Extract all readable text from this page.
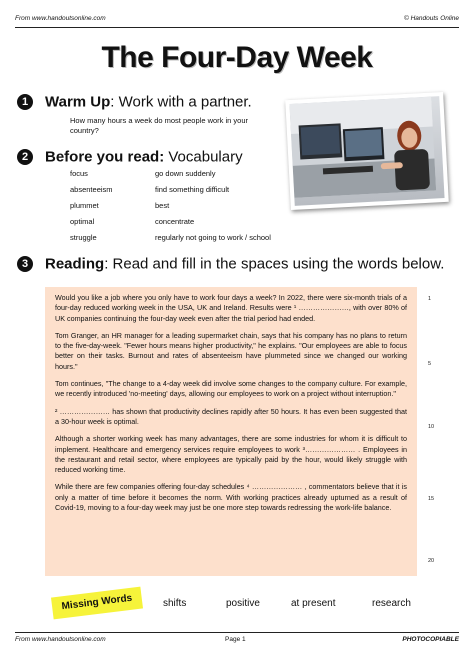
From www.handoutsonline.com	© Handouts Online
The Four-Day Week
1 Warm Up: Work with a partner.
How many hours a week do most people work in your country?
2 Before you read: Vocabulary
focus	go down suddenly
absenteeism	find something difficult
plummet	best
optimal	concentrate
struggle	regularly not going to work / school
3 Reading: Read and fill in the spaces using the words below.

Would you like a job where you only have to work four days a week? In 2022, there were six-month trials of a four-day reduced working week in the USA, UK and Ireland. Results were ¹ …………………, with over 80% of UK companies continuing the four-day week even after the trial period had ended.

Tom Granger, an HR manager for a leading supermarket chain, says that his company has no plans to return to the five-day-week. "Fewer hours means higher productivity," he explains. "Our employees are able to focus better on their tasks. Burnout and rates of absenteeism have plummeted since we changed our working hours."

Tom continues, "The change to a 4-day week did involve some changes to the company culture. For example, we recently introduced 'no-meeting' days, allowing our employees to work on a project without interruption."

² ………………… has shown that productivity declines rapidly after 50 hours. It has even been suggested that a 30-hour week is optimal.

Although a shorter working week has many advantages, there are some industries for whom it is difficult to implement. Healthcare and emergency services require employees to work ³………………… . Employees in the restaurant and retail sector, where employees are typically paid by the hour, would likely struggle with reduced working time.

While there are few companies offering four-day schedules ⁴ ………………… , commentators believe that it is only a matter of time before it becomes the norm. With working practices already upturned as a result of Covid-19, moving to a four-day week may just be one more step towards redressing the work-life balance.

1
5
10
15
20
Missing Words	shifts	positive	at present	research
From www.handoutsonline.com	Page 1	PHOTOCOPIABLE
